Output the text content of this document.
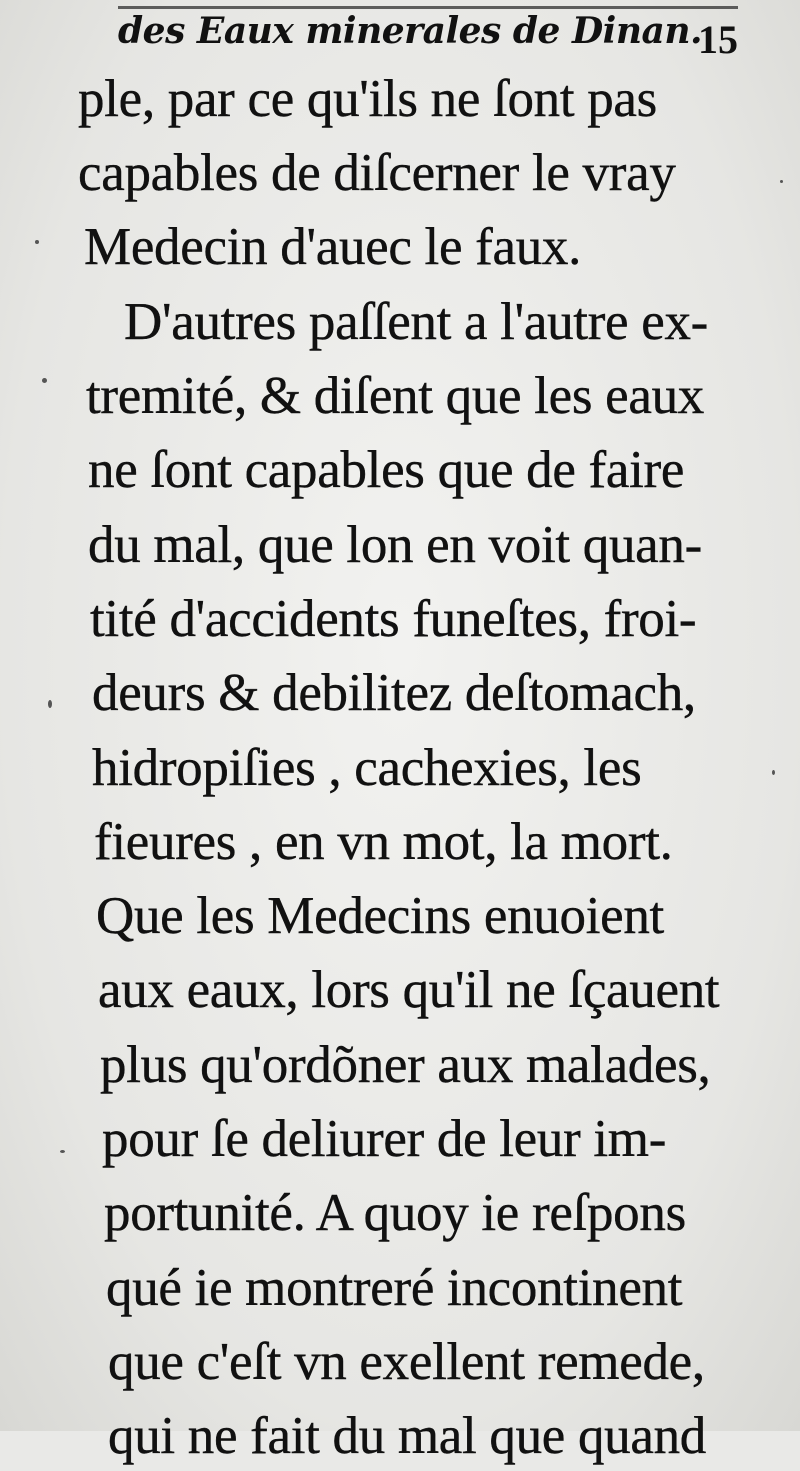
des Eaux minerales de Dinan.
15
ple, par ce qu'ils ne ſont pas
capables de diſcerner le vray
Medecin d'auec le faux.
D'autres paſſent a l'autre ex-
tremité, & diſent que les eaux
ne ſont capables que de faire
du mal, que lon en voit quan-
tité d'accidents funeſtes, froi-
deurs & debilitez deſtomach,
hidropiſies , cachexies, les
fieures , en vn mot, la mort.
Que les Medecins enuoient
aux eaux, lors qu'il ne ſçauent
plus qu'ordõner aux malades,
pour ſe deliurer de leur im-
portunité. A quoy ie reſpons
qué ie montreré incontinent
que c'eſt vn exellent remede,
qui ne fait du mal que quand
